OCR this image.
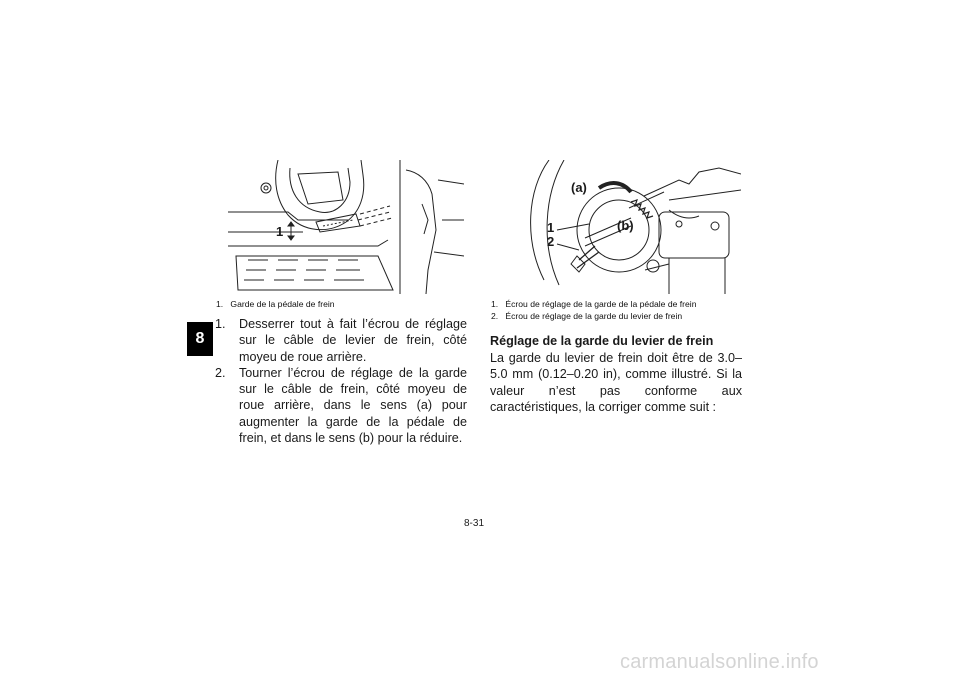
8
1
1. Garde de la pédale de frein
1.	Desserrer tout à fait l’écrou de réglage sur le câble de levier de frein, côté moyeu de roue arrière.
2.	Tourner l’écrou de réglage de la garde sur le câble de frein, côté moyeu de roue arrière, dans le sens (a) pour augmenter la garde de la pédale de frein, et dans le sens (b) pour la réduire.
(a)
(b)
1
2
1. Écrou de réglage de la garde de la pédale de frein
2. Écrou de réglage de la garde du levier de frein
Réglage de la garde du levier de frein
La garde du levier de frein doit être de 3.0–5.0 mm (0.12–0.20 in), comme illustré. Si la valeur n’est pas conforme aux caractéristiques, la corriger comme suit :
8-31
carmanualsonline.info
